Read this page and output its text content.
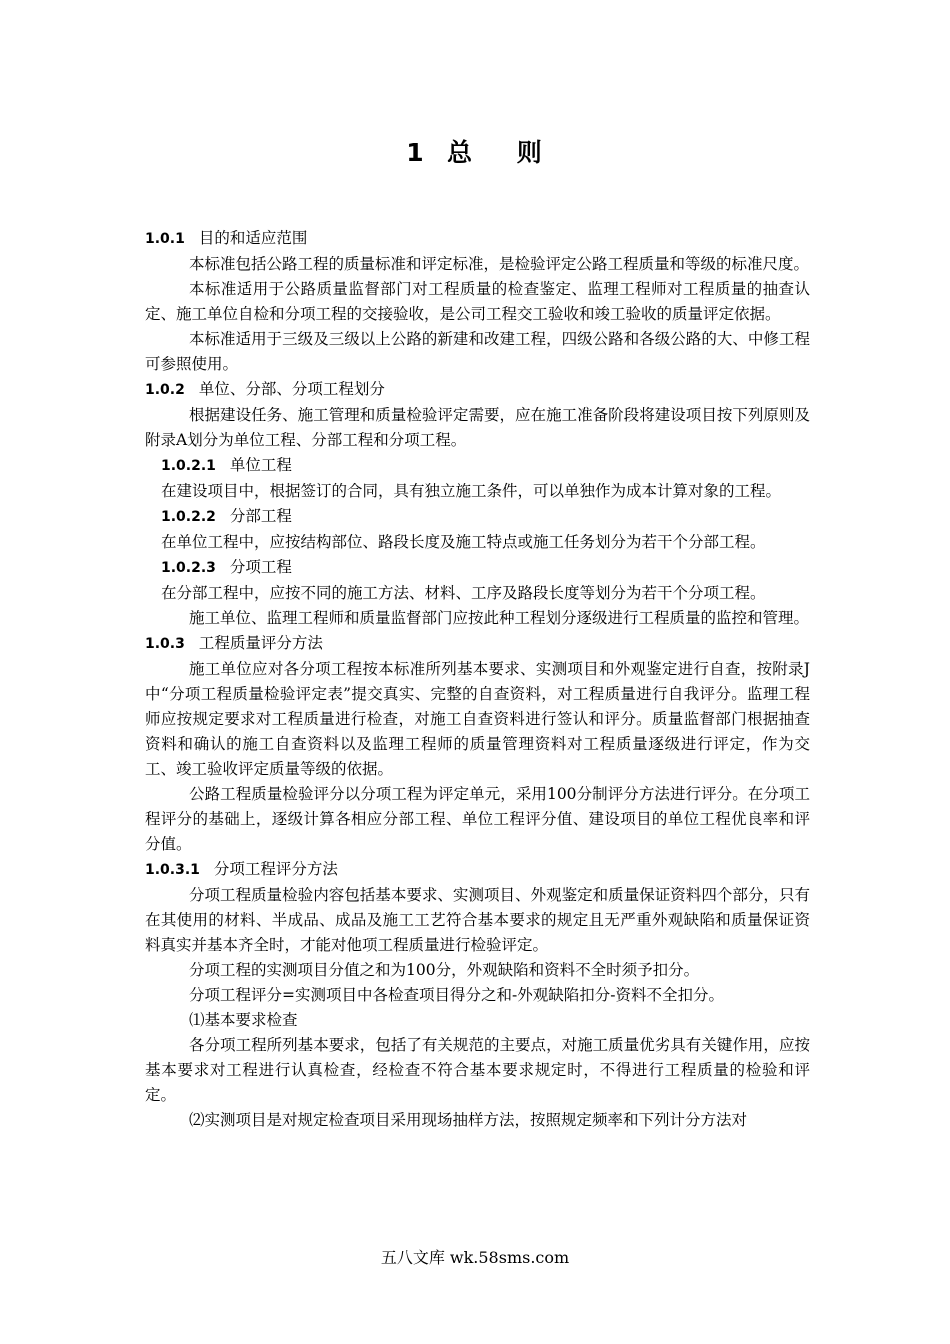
1  总    则

1.0.1 目的和适应范围

本标准包括公路工程的质量标准和评定标准，是检验评定公路工程质量和等级的标准尺度。

本标准适用于公路质量监督部门对工程质量的检查鉴定、监理工程师对工程质量的抽查认定、施工单位自检和分项工程的交接验收，是公司工程交工验收和竣工验收的质量评定依据。

本标准适用于三级及三级以上公路的新建和改建工程，四级公路和各级公路的大、中修工程可参照使用。

1.0.2 单位、分部、分项工程划分

根据建设任务、施工管理和质量检验评定需要，应在施工准备阶段将建设项目按下列原则及附录A划分为单位工程、分部工程和分项工程。

1.0.2.1 单位工程

在建设项目中，根据签订的合同，具有独立施工条件，可以单独作为成本计算对象的工程。

1.0.2.2 分部工程

在单位工程中，应按结构部位、路段长度及施工特点或施工任务划分为若干个分部工程。

1.0.2.3 分项工程

在分部工程中，应按不同的施工方法、材料、工序及路段长度等划分为若干个分项工程。

施工单位、监理工程师和质量监督部门应按此种工程划分逐级进行工程质量的监控和管理。

1.0.3 工程质量评分方法

施工单位应对各分项工程按本标准所列基本要求、实测项目和外观鉴定进行自查，按附录J中“分项工程质量检验评定表”提交真实、完整的自查资料，对工程质量进行自我评分。监理工程师应按规定要求对工程质量进行检查，对施工自查资料进行签认和评分。质量监督部门根据抽查资料和确认的施工自查资料以及监理工程师的质量管理资料对工程质量逐级进行评定，作为交工、竣工验收评定质量等级的依据。

公路工程质量检验评分以分项工程为评定单元，采用100分制评分方法进行评分。在分项工程评分的基础上，逐级计算各相应分部工程、单位工程评分值、建设项目的单位工程优良率和评分值。

1.0.3.1 分项工程评分方法

分项工程质量检验内容包括基本要求、实测项目、外观鉴定和质量保证资料四个部分，只有在其使用的材料、半成品、成品及施工工艺符合基本要求的规定且无严重外观缺陷和质量保证资料真实并基本齐全时，才能对他项工程质量进行检验评定。

分项工程的实测项目分值之和为100分，外观缺陷和资料不全时须予扣分。

分项工程评分=实测项目中各检查项目得分之和-外观缺陷扣分-资料不全扣分。

⑴基本要求检查

各分项工程所列基本要求，包括了有关规范的主要点，对施工质量优劣具有关键作用，应按基本要求对工程进行认真检查，经检查不符合基本要求规定时，不得进行工程质量的检验和评定。

⑵实测项目是对规定检查项目采用现场抽样方法，按照规定频率和下列计分方法对

五八文库 wk.58sms.com
